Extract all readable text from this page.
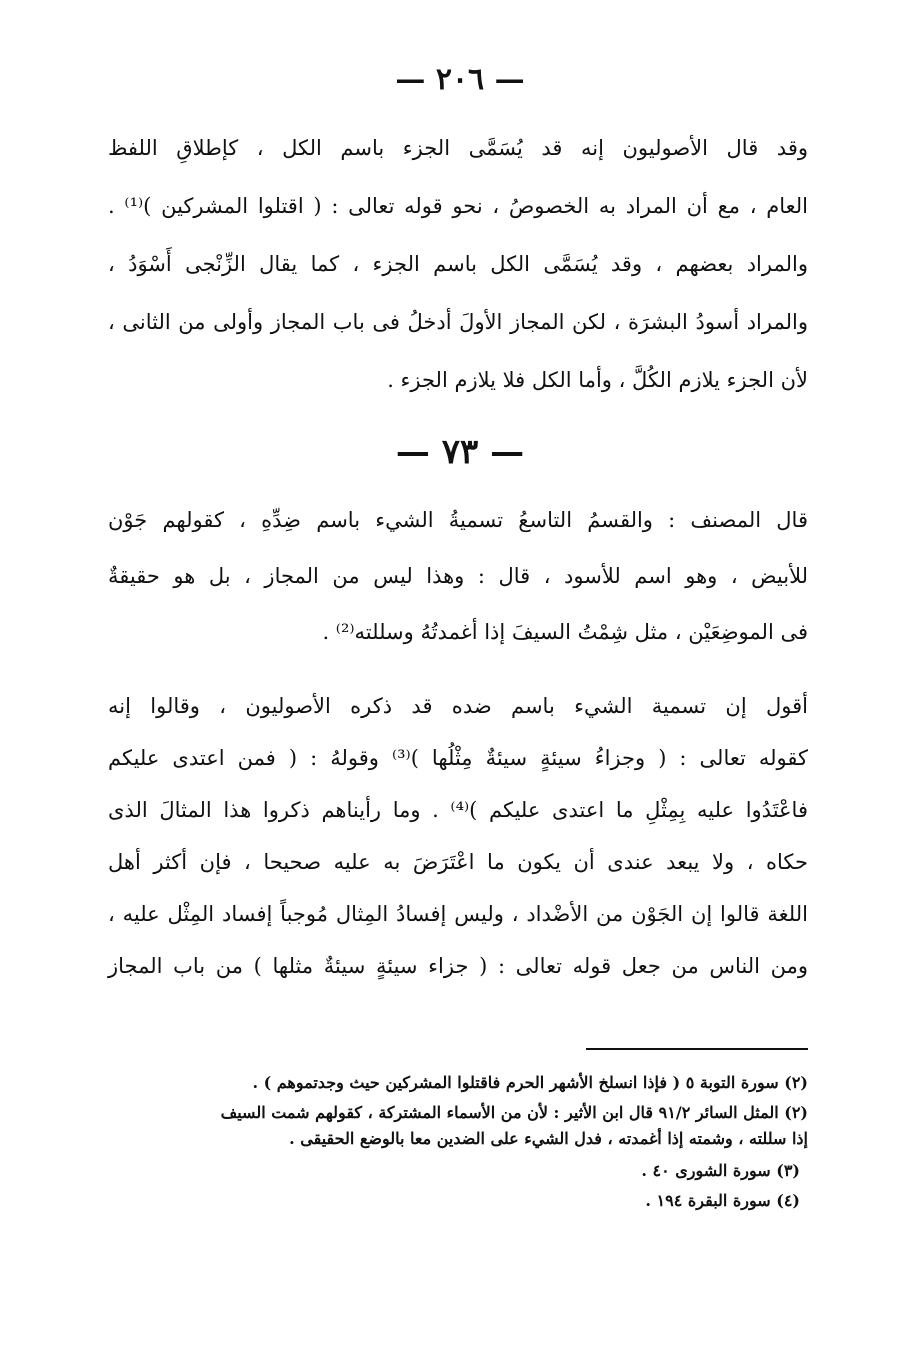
— ٢٠٦ —
وقد قال الأصوليون إنه قد يُسَمَّى الجزء باسم الكل ، كإطلاقِ اللفظ
العام ، مع أن المراد به الخصوصُ ، نحو قوله تعالى : ( اقتلوا المشركين )⁽¹⁾ .
والمراد بعضهم ، وقد يُسَمَّى الكل باسم الجزء ، كما يقال الزِّنْجى أَسْوَدُ ،
والمراد أسودُ البشرَة ، لكن المجاز الأولَ أدخلُ فى باب المجاز وأولى من الثانى ،
لأن الجزء يلازم الكُلَّ ، وأما الكل فلا يلازم الجزء .
— ٧٣ —
قال المصنف : والقسمُ التاسعُ تسميةُ الشيء باسم ضِدِّهِ ، كقولهم جَوْن
للأبيض ، وهو اسم للأسود ، قال : وهذا ليس من المجاز ، بل هو حقيقةٌ
فى الموضِعَيْن ، مثل شِمْتُ السيفَ إذا أغمدتُهُ وسللته⁽²⁾ .
أقول إن تسمية الشيء باسم ضده قد ذكره الأصوليون ، وقالوا إنه
كقوله تعالى : ( وجزاءُ سيئةٍ سيئةٌ مِثْلُها )⁽³⁾ وقولهُ : ( فمن اعتدى عليكم
فاعْتَدُوا عليه بِمِثْلِ ما اعتدى عليكم )⁽⁴⁾ . وما رأيناهم ذكروا هذا المثالَ الذى
حكاه ، ولا يبعد عندى أن يكون ما اعْتَرَضَ به عليه صحيحا ، فإن أكثر أهل
اللغة قالوا إن الجَوْن من الأضْداد ، وليس إفسادُ المِثال مُوجباً إفساد المِثْل عليه ،
ومن الناس من جعل قوله تعالى : ( جزاء سيئةٍ سيئةٌ مثلها ) من باب المجاز
(٢) سورة التوبة ٥ ( فإذا انسلخ الأشهر الحرم فاقتلوا المشركين حيث وجدتموهم ) .
(٢) المثل السائر ٩١/٢ قال ابن الأثير : لأن من الأسماء المشتركة ، كقولهم شمت السيف
إذا سللته ، وشمته إذا أغمدته ، فدل الشيء على الضدين معا بالوضع الحقيقى .
(٣) سورة الشورى ٤٠ .
(٤) سورة البقرة ١٩٤ .
